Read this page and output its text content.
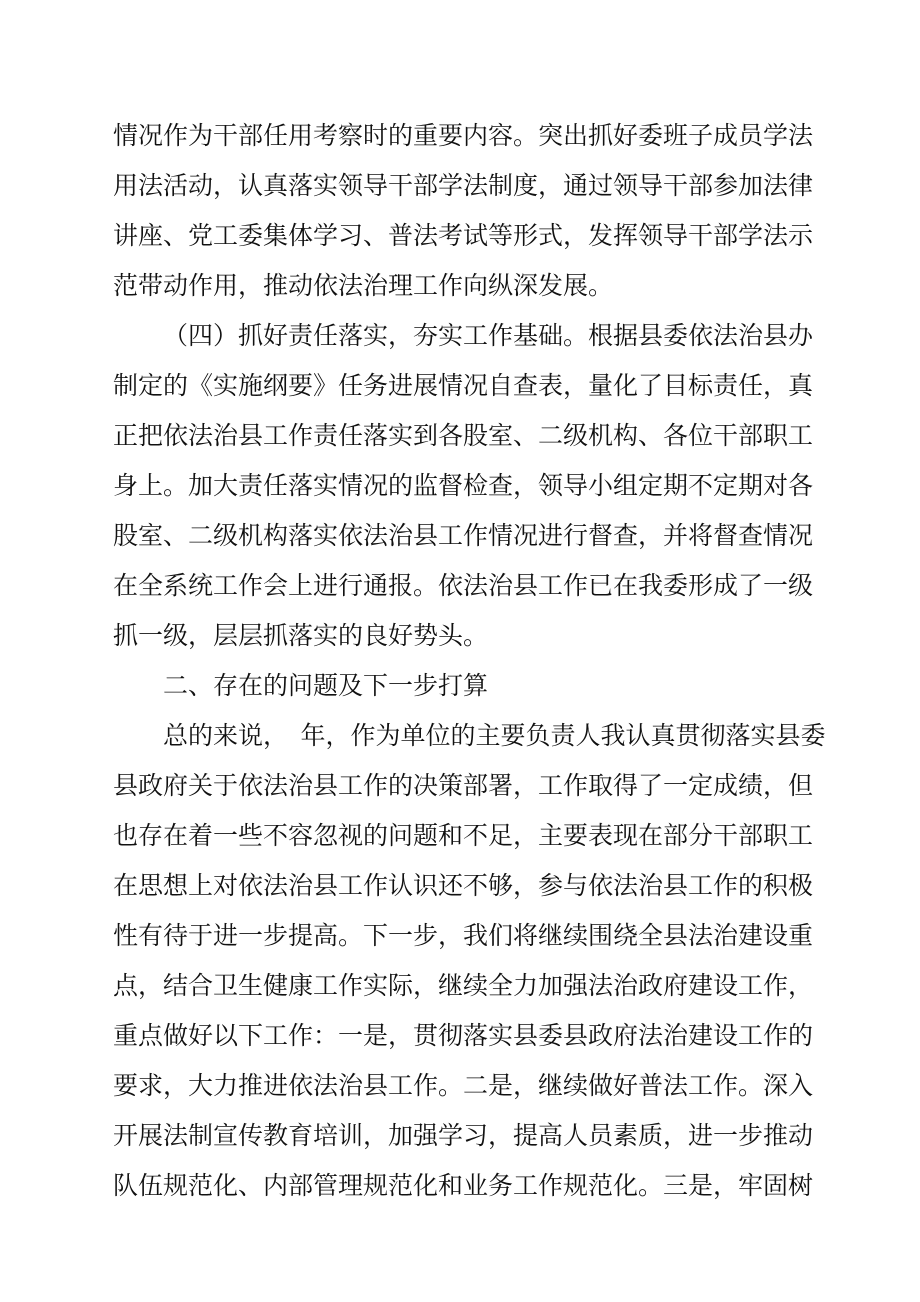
情况作为干部任用考察时的重要内容。突出抓好委班子成员学法
用法活动，认真落实领导干部学法制度，通过领导干部参加法律
讲座、党工委集体学习、普法考试等形式，发挥领导干部学法示
范带动作用，推动依法治理工作向纵深发展。
（四）抓好责任落实，夯实工作基础。根据县委依法治县办
制定的《实施纲要》任务进展情况自查表，量化了目标责任，真
正把依法治县工作责任落实到各股室、二级机构、各位干部职工
身上。加大责任落实情况的监督检查，领导小组定期不定期对各
股室、二级机构落实依法治县工作情况进行督查，并将督查情况
在全系统工作会上进行通报。依法治县工作已在我委形成了一级
抓一级，层层抓落实的良好势头。
二、存在的问题及下一步打算
总的来说，　年，作为单位的主要负责人我认真贯彻落实县委
县政府关于依法治县工作的决策部署，工作取得了一定成绩，但
也存在着一些不容忽视的问题和不足，主要表现在部分干部职工
在思想上对依法治县工作认识还不够，参与依法治县工作的积极
性有待于进一步提高。下一步，我们将继续围绕全县法治建设重
点，结合卫生健康工作实际，继续全力加强法治政府建设工作，
重点做好以下工作：一是，贯彻落实县委县政府法治建设工作的
要求，大力推进依法治县工作。二是，继续做好普法工作。深入
开展法制宣传教育培训，加强学习，提高人员素质，进一步推动
队伍规范化、内部管理规范化和业务工作规范化。三是，牢固树
